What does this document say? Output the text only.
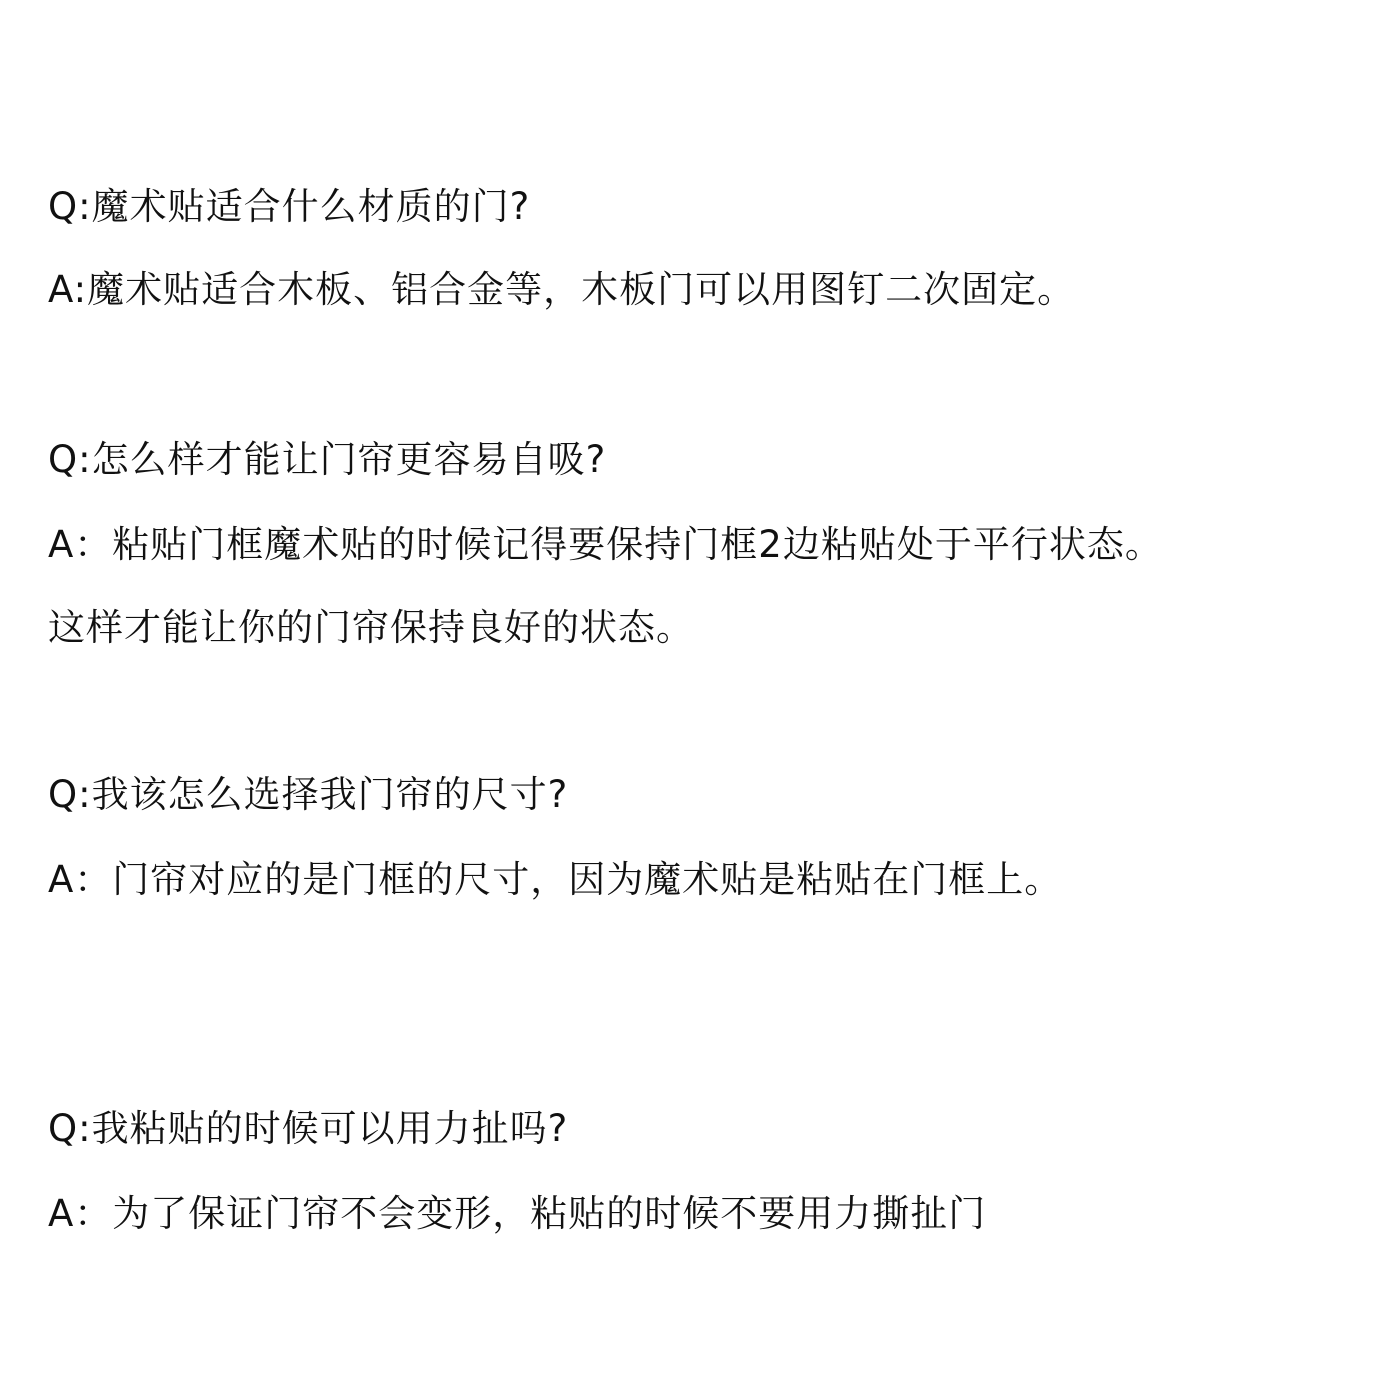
Q:魔术贴适合什么材质的门?
A:魔术贴适合木板、铝合金等，木板门可以用图钉二次固定。
Q:怎么样才能让门帘更容易自吸?
A：粘贴门框魔术贴的时候记得要保持门框2边粘贴处于平行状态。
这样才能让你的门帘保持良好的状态。
Q:我该怎么选择我门帘的尺寸?
A：门帘对应的是门框的尺寸，因为魔术贴是粘贴在门框上。
Q:我粘贴的时候可以用力扯吗?
A：为了保证门帘不会变形，粘贴的时候不要用力撕扯门
